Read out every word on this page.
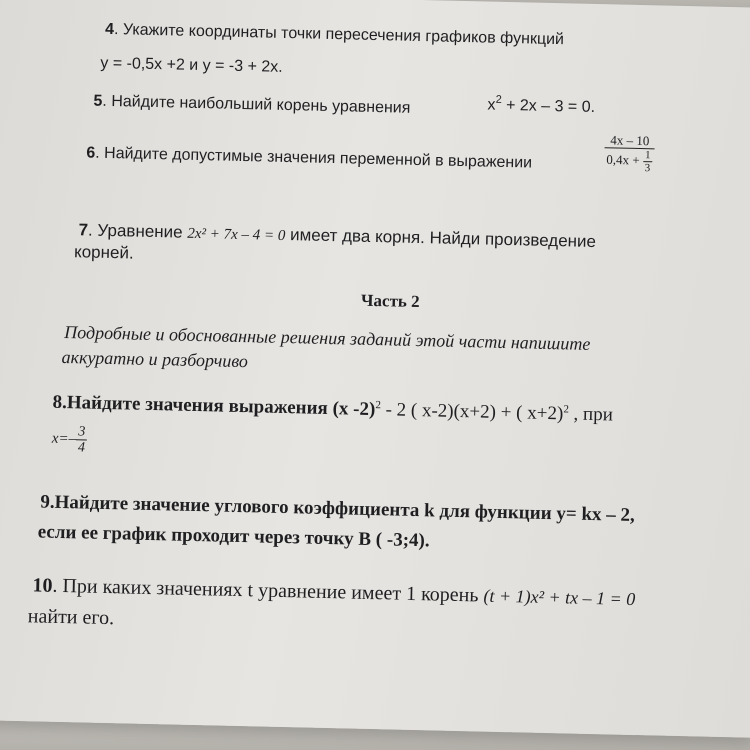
4. Укажите координаты точки пересечения графиков функций
y = -0,5x +2 и y = -3 + 2x.
5. Найдите наибольший корень уравнения	$x^2 + 2x - 3 = 0$.
6. Найдите допустимые значения переменной в выражении	$\frac{4x - 10}{0,4x + \frac{1}{3}}$
7. Уравнение 2x² + 7x – 4 = 0 имеет два корня. Найди произведение
корней.
Часть 2
Подробные и обоснованные решения заданий этой части напишите
аккуратно и разборчиво
8.Найдите значения выражения (x -2)$^2$ - 2 ( x-2)(x+2) + ( x+2)$^2$ , при
$x=- \frac{3}{4}$
9.Найдите значение углового коэффициента k для функции y= kx – 2,
если ее график проходит через точку В ( -3;4).
10. При каких значениях t уравнение имеет 1 корень (t + 1)x² + tx – 1 = 0
найти его.
